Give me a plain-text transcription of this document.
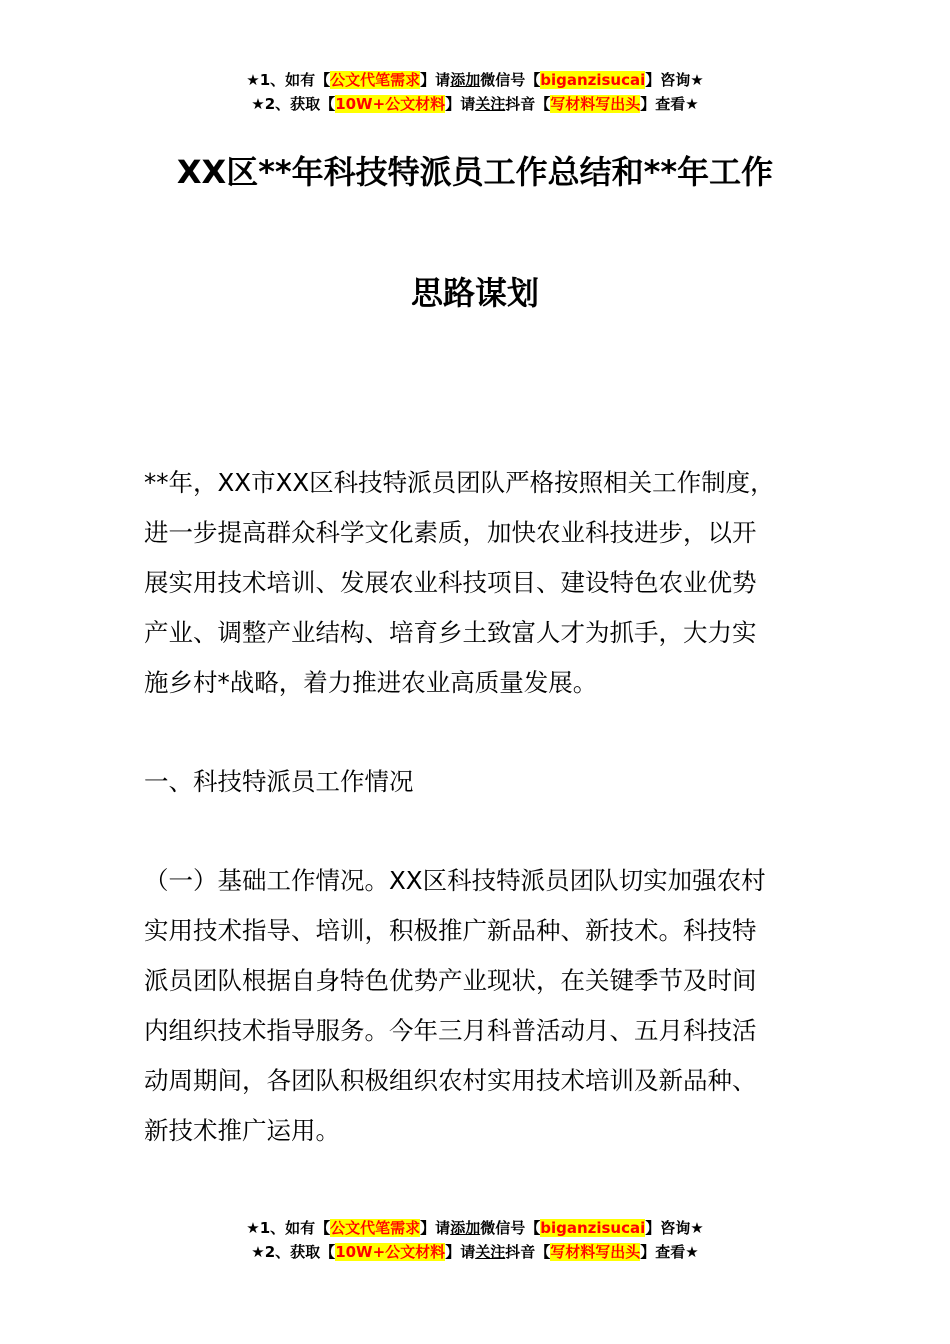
★1、如有【公文代笔需求】请添加微信号【biganzisucai】咨询★
★2、获取【10W+公文材料】请关注抖音【写材料写出头】查看★
XX区**年科技特派员工作总结和**年工作
思路谋划
**年，XX市XX区科技特派员团队严格按照相关工作制度，
进一步提高群众科学文化素质，加快农业科技进步，以开
展实用技术培训、发展农业科技项目、建设特色农业优势
产业、调整产业结构、培育乡土致富人才为抓手，大力实
施乡村*战略，着力推进农业高质量发展。
一、科技特派员工作情况
（一）基础工作情况。XX区科技特派员团队切实加强农村
实用技术指导、培训，积极推广新品种、新技术。科技特
派员团队根据自身特色优势产业现状，在关键季节及时间
内组织技术指导服务。今年三月科普活动月、五月科技活
动周期间，各团队积极组织农村实用技术培训及新品种、
新技术推广运用。
★1、如有【公文代笔需求】请添加微信号【biganzisucai】咨询★
★2、获取【10W+公文材料】请关注抖音【写材料写出头】查看★
